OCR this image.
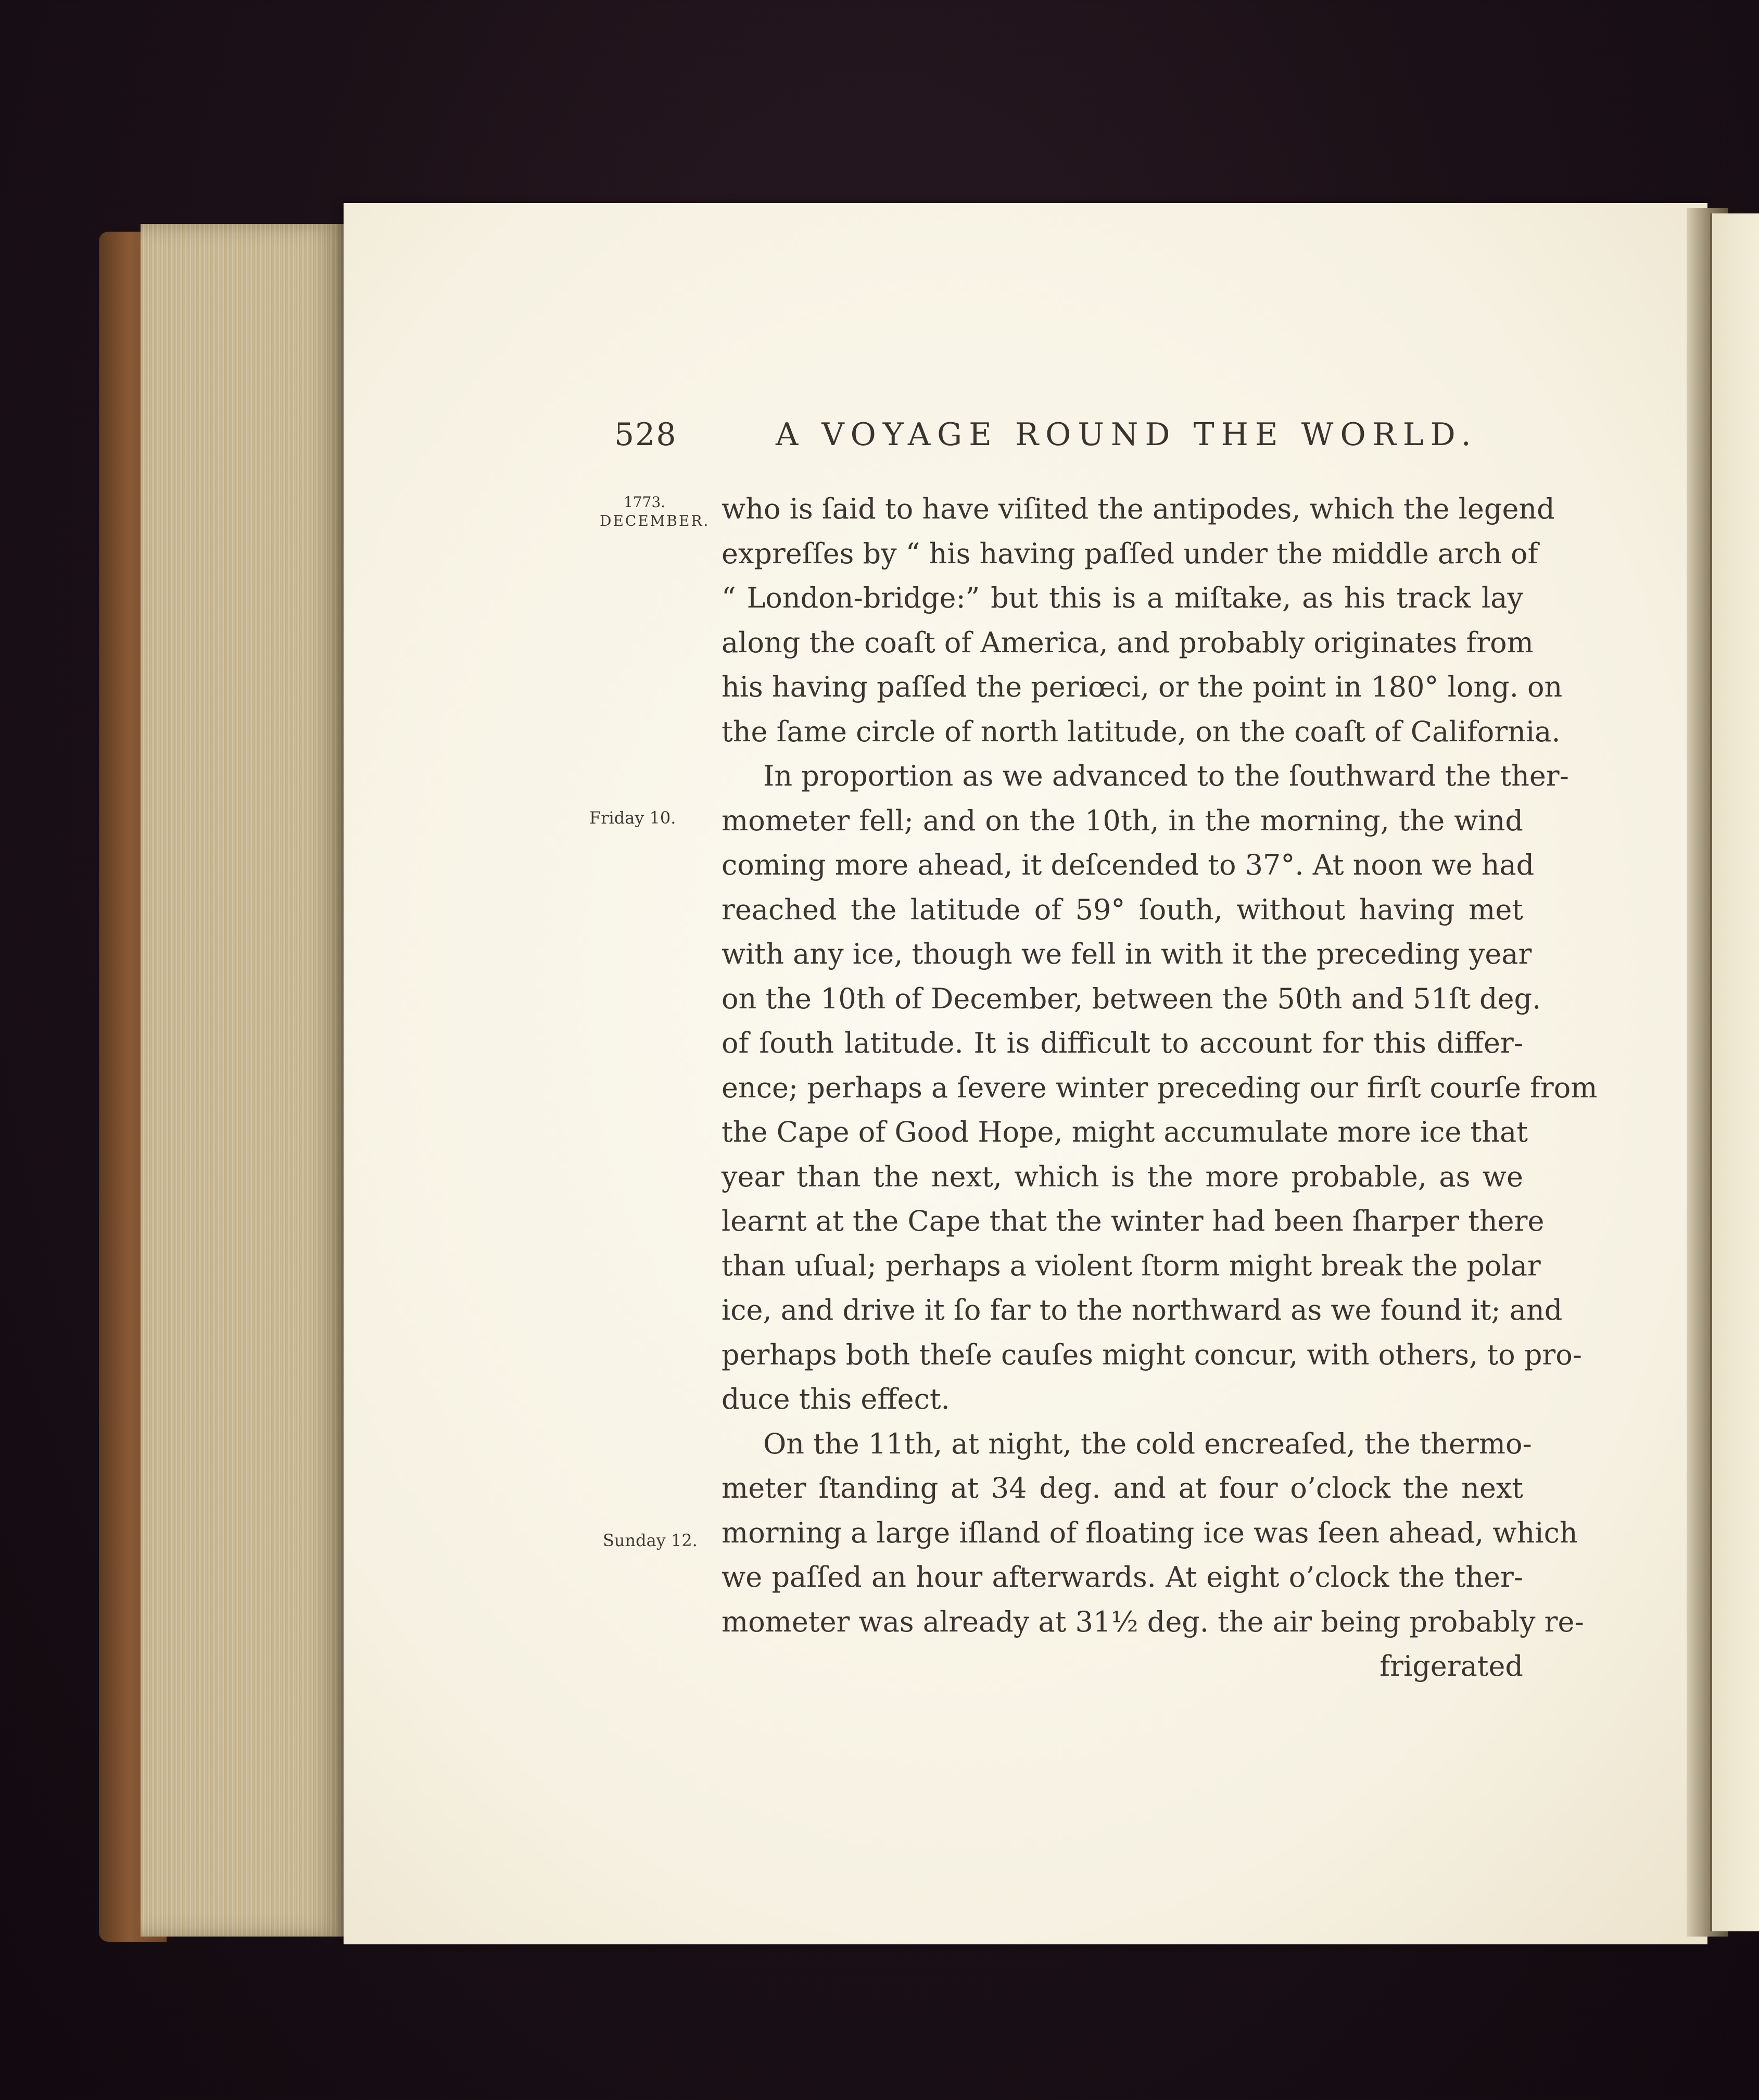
528	A VOYAGE ROUND THE WORLD.
1773.
DECEMBER.
Friday 10.
Sunday 12.
who is ſaid to have viſited the antipodes, which the legend
expreſſes by “ his having paſſed under the middle arch of
“ London-bridge:” but this is a miſtake, as his track lay
along the coaſt of America, and probably originates from
his having paſſed the periœci, or the point in 180° long. on
the ſame circle of north latitude, on the coaſt of California.
In proportion as we advanced to the ſouthward the ther-
mometer fell; and on the 10th, in the morning, the wind
coming more ahead, it deſcended to 37°. At noon we had
reached the latitude of 59° ſouth, without having met
with any ice, though we fell in with it the preceding year
on the 10th of December, between the 50th and 51ſt deg.
of ſouth latitude. It is difficult to account for this differ-
ence; perhaps a ſevere winter preceding our firſt courſe from
the Cape of Good Hope, might accumulate more ice that
year than the next, which is the more probable, as we
learnt at the Cape that the winter had been ſharper there
than uſual; perhaps a violent ſtorm might break the polar
ice, and drive it ſo far to the northward as we found it; and
perhaps both theſe cauſes might concur, with others, to pro-
duce this effect.
On the 11th, at night, the cold encreaſed, the thermo-
meter ſtanding at 34 deg. and at four o’clock the next
morning a large iſland of floating ice was ſeen ahead, which
we paſſed an hour afterwards. At eight o’clock the ther-
mometer was already at 31½ deg. the air being probably re-
frigerated
